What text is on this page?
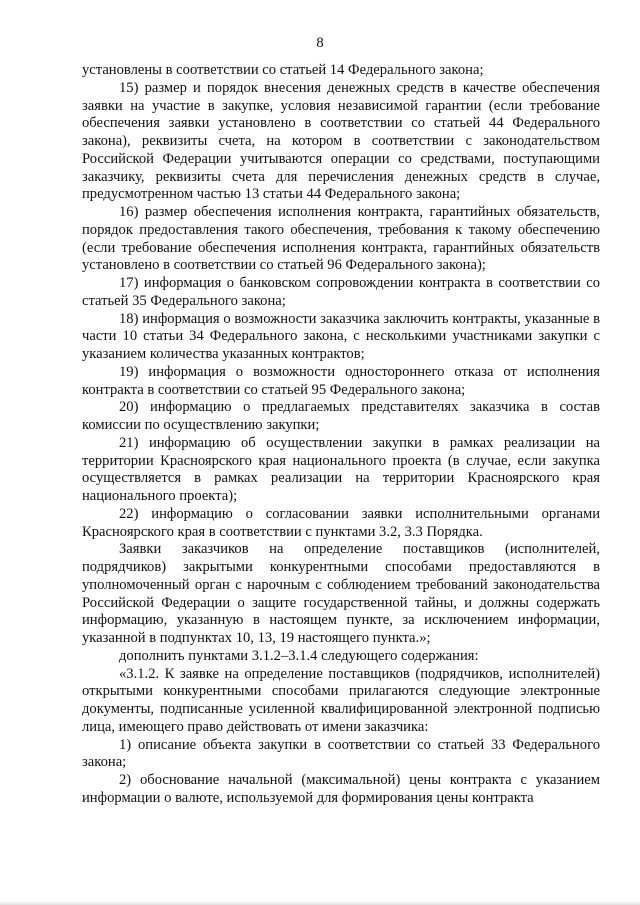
8

установлены в соответствии со статьей 14 Федерального закона;

15) размер и порядок внесения денежных средств в качестве обеспечения заявки на участие в закупке, условия независимой гарантии (если требование обеспечения заявки установлено в соответствии со статьей 44 Федерального закона), реквизиты счета, на котором в соответствии с законодательством Российской Федерации учитываются операции со средствами, поступающими заказчику, реквизиты счета для перечисления денежных средств в случае, предусмотренном частью 13 статьи 44 Федерального закона;

16) размер обеспечения исполнения контракта, гарантийных обязательств, порядок предоставления такого обеспечения, требования к такому обеспечению (если требование обеспечения исполнения контракта, гарантийных обязательств установлено в соответствии со статьей 96 Федерального закона);

17) информация о банковском сопровождении контракта в соответствии со статьей 35 Федерального закона;

18) информация о возможности заказчика заключить контракты, указанные в части 10 статьи 34 Федерального закона, с несколькими участниками закупки с указанием количества указанных контрактов;

19) информация о возможности одностороннего отказа от исполнения контракта в соответствии со статьей 95 Федерального закона;

20) информацию о предлагаемых представителях заказчика в состав комиссии по осуществлению закупки;

21) информацию об осуществлении закупки в рамках реализации на территории Красноярского края национального проекта (в случае, если закупка осуществляется в рамках реализации на территории Красноярского края национального проекта);

22) информацию о согласовании заявки исполнительными органами Красноярского края в соответствии с пунктами 3.2, 3.3 Порядка.

Заявки заказчиков на определение поставщиков (исполнителей, подрядчиков) закрытыми конкурентными способами предоставляются в уполномоченный орган с нарочным с соблюдением требований законодательства Российской Федерации о защите государственной тайны, и должны содержать информацию, указанную в настоящем пункте, за исключением информации, указанной в подпунктах 10, 13, 19 настоящего пункта.»;

дополнить пунктами 3.1.2–3.1.4 следующего содержания:

«3.1.2. К заявке на определение поставщиков (подрядчиков, исполнителей) открытыми конкурентными способами прилагаются следующие электронные документы, подписанные усиленной квалифицированной электронной подписью лица, имеющего право действовать от имени заказчика:

1) описание объекта закупки в соответствии со статьей 33 Федерального закона;

2) обоснование начальной (максимальной) цены контракта с указанием информации о валюте, используемой для формирования цены контракта
